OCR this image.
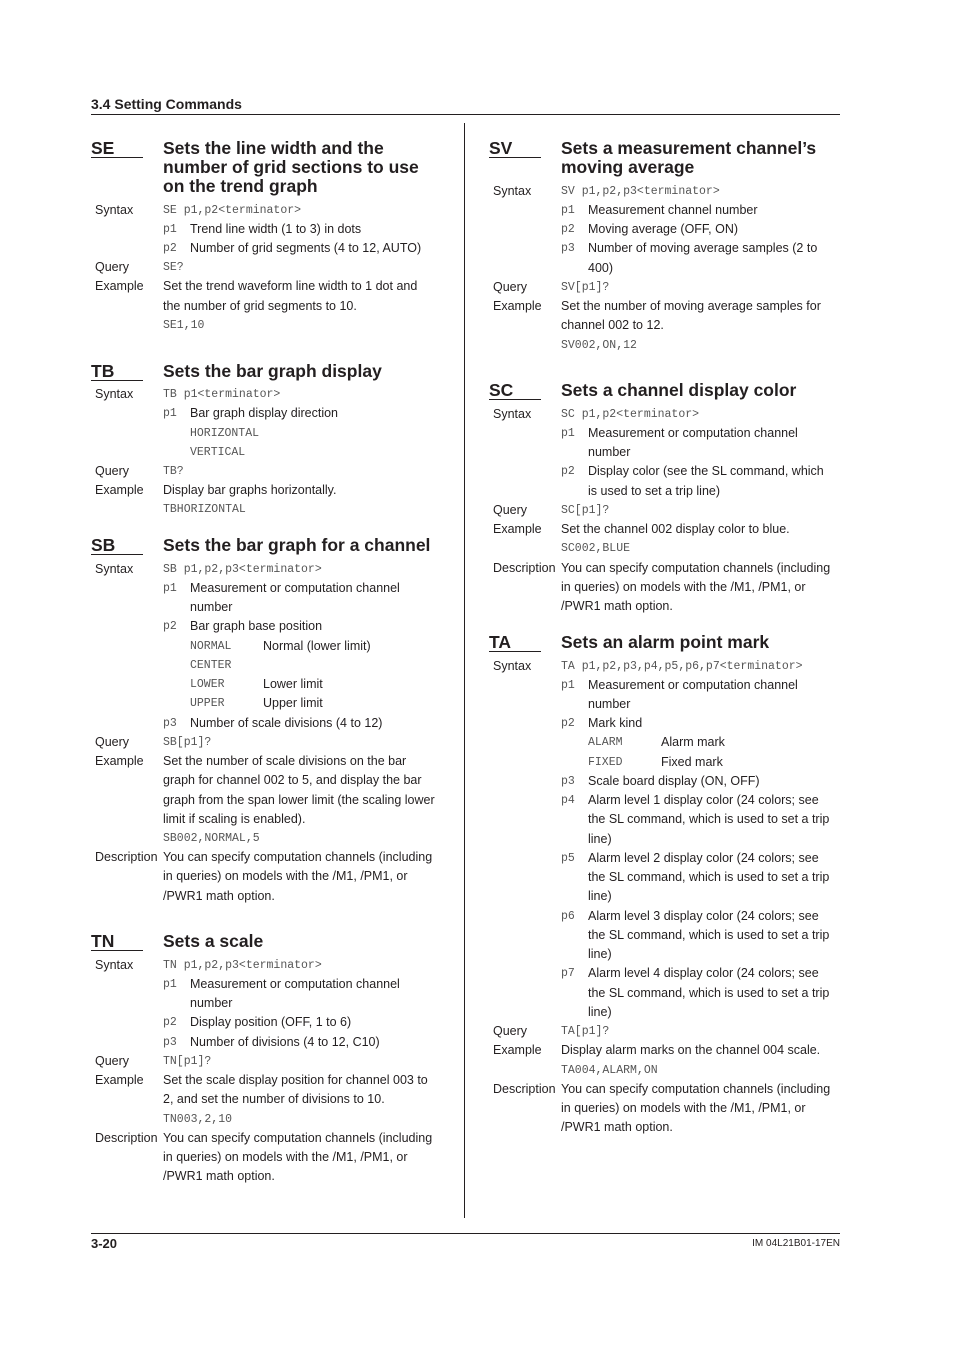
3.4 Setting Commands
SE	Sets the line width and the
number of grid sections to use
on the trend graph
Syntax	SE p1,p2<terminator>
p1 Trend line width (1 to 3) in dots
p2 Number of grid segments (4 to 12, AUTO)
Query	SE?
Example Set the trend waveform line width to 1 dot and
the number of grid segments to 10.
SE1,10
TB	Sets the bar graph display
Syntax	TB p1<terminator>
p1 Bar graph display direction
HORIZONTAL
VERTICAL
Query	TB?
Example Display bar graphs horizontally.
TBHORIZONTAL
SB	Sets the bar graph for a channel
Syntax	SB p1,p2,p3<terminator>
p1 Measurement or computation channel
number
p2 Bar graph base position
NORMAL	Normal (lower limit)
CENTER
LOWER	Lower limit
UPPER	Upper limit
p3 Number of scale divisions (4 to 12)
Query	SB[p1]?
Example Set the number of scale divisions on the bar
graph for channel 002 to 5, and display the bar
graph from the span lower limit (the scaling lower
limit if scaling is enabled).
SB002,NORMAL,5
Description You can specify computation channels (including
in queries) on models with the /M1, /PM1, or
/PWR1 math option.
TN	Sets a scale
Syntax	TN p1,p2,p3<terminator>
p1 Measurement or computation channel
number
p2 Display position (OFF, 1 to 6)
p3 Number of divisions (4 to 12, C10)
Query	TN[p1]?
Example Set the scale display position for channel 003 to
2, and set the number of divisions to 10.
TN003,2,10
Description You can specify computation channels (including
in queries) on models with the /M1, /PM1, or
/PWR1 math option.
SV	Sets a measurement channel’s
moving average
Syntax	SV p1,p2,p3<terminator>
p1 Measurement channel number
p2 Moving average (OFF, ON)
p3 Number of moving average samples (2 to
400)
Query	SV[p1]?
Example Set the number of moving average samples for
channel 002 to 12.
SV002,ON,12
SC	Sets a channel display color
Syntax	SC p1,p2<terminator>
p1 Measurement or computation channel
number
p2 Display color (see the SL command, which
is used to set a trip line)
Query	SC[p1]?
Example Set the channel 002 display color to blue.
SC002,BLUE
Description You can specify computation channels (including
in queries) on models with the /M1, /PM1, or
/PWR1 math option.
TA	Sets an alarm point mark
Syntax	TA p1,p2,p3,p4,p5,p6,p7<terminator>
p1 Measurement or computation channel
number
p2 Mark kind
ALARM	Alarm mark
FIXED	Fixed mark
p3 Scale board display (ON, OFF)
p4 Alarm level 1 display color (24 colors; see
the SL command, which is used to set a trip
line)
p5 Alarm level 2 display color (24 colors; see
the SL command, which is used to set a trip
line)
p6 Alarm level 3 display color (24 colors; see
the SL command, which is used to set a trip
line)
p7 Alarm level 4 display color (24 colors; see
the SL command, which is used to set a trip
line)
Query	TA[p1]?
Example Display alarm marks on the channel 004 scale.
TA004,ALARM,ON
Description You can specify computation channels (including
in queries) on models with the /M1, /PM1, or
/PWR1 math option.
3-20	IM 04L21B01-17EN
